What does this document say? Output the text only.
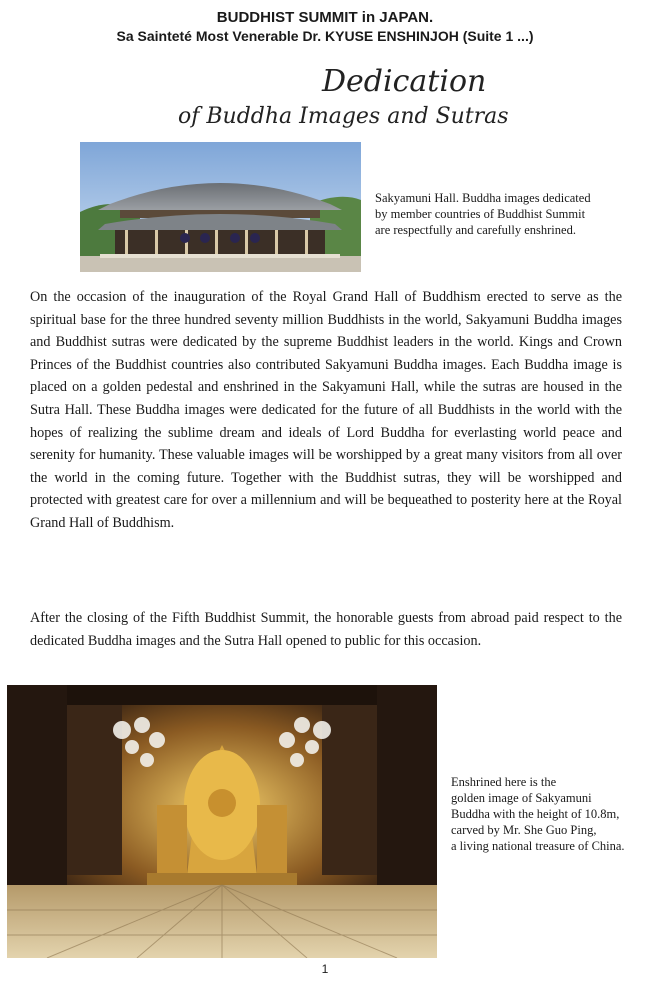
BUDDHIST SUMMIT in JAPAN.
Sa Sainteté Most Venerable Dr. KYUSE ENSHINJOH (Suite 1 ...)
Dedication
of Buddha Images and Sutras
Sakyamuni Hall. Buddha images dedicated by member countries of Buddhist Summit are respectfully and carefully enshrined.
On the occasion of the inauguration of the Royal Grand Hall of Buddhism erected to serve as the spiritual base for the three hundred seventy million Buddhists in the world, Sakyamuni Buddha images and Buddhist sutras were dedicated by the supreme Buddhist leaders in the world. Kings and Crown Princes of the Buddhist countries also contributed Sakyamuni Buddha images. Each Buddha image is placed on a golden pedestal and enshrined in the Sakyamuni Hall, while the sutras are housed in the Sutra Hall. These Buddha images were dedicated for the future of all Buddhists in the world with the hopes of realizing the sublime dream and ideals of Lord Buddha for everlasting world peace and serenity for humanity. These valuable images will be worshipped by a great many visitors from all over the world in the coming future. Together with the Buddhist sutras, they will be worshipped and protected with greatest care for over a millennium and will be bequeathed to posterity here at the Royal Grand Hall of Buddhism.
After the closing of the Fifth Buddhist Summit, the honorable guests from abroad paid respect to the dedicated Buddha images and the Sutra Hall opened to public for this occasion.
Enshrined here is the
golden image of Sakyamuni
Buddha with the height of 10.8m,
carved by Mr. She Guo Ping,
a living national treasure of China.
1
